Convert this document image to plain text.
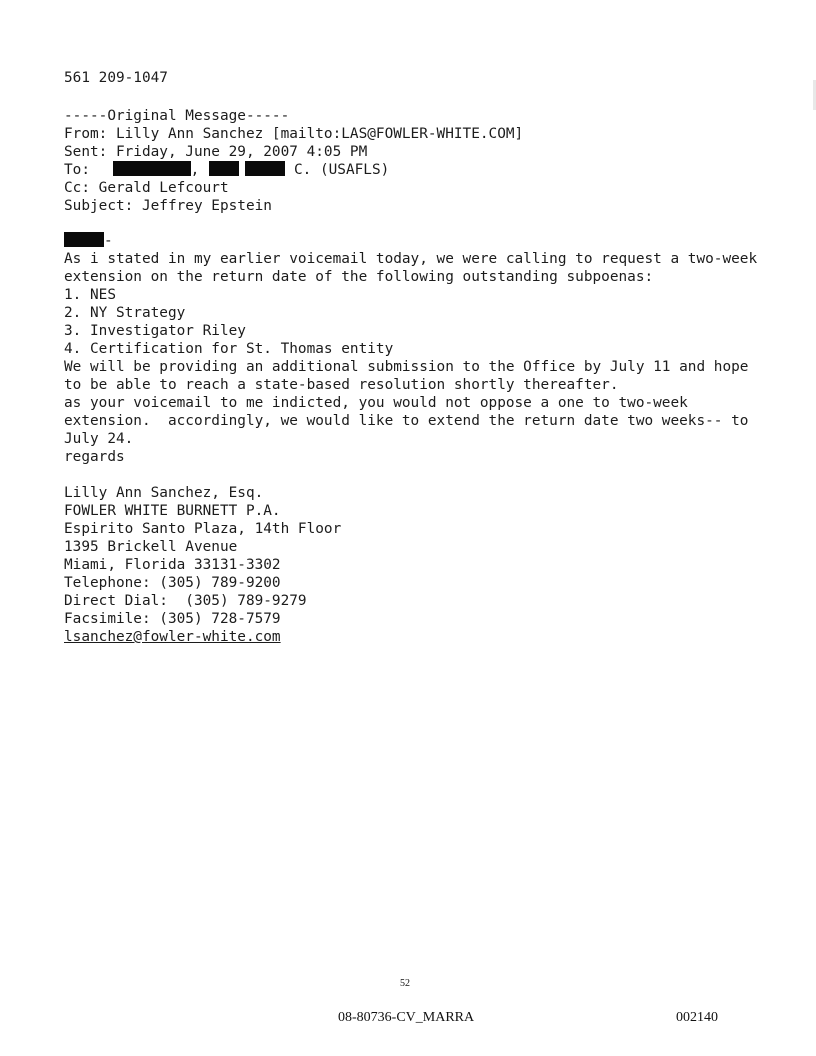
561 209-1047
-----Original Message-----
From: Lilly Ann Sanchez [mailto:LAS@FOWLER-WHITE.COM]
Sent: Friday, June 29, 2007 4:05 PM
To:	,	C. (USAFLS)
Cc: Gerald Lefcourt
Subject: Jeffrey Epstein
-
As i stated in my earlier voicemail today, we were calling to request a two-week
extension on the return date of the following outstanding subpoenas:
1. NES
2. NY Strategy
3. Investigator Riley
4. Certification for St. Thomas entity
We will be providing an additional submission to the Office by July 11 and hope
to be able to reach a state-based resolution shortly thereafter.
as your voicemail to me indicted, you would not oppose a one to two-week
extension.  accordingly, we would like to extend the return date two weeks-- to
July 24.
regards
Lilly Ann Sanchez, Esq.
FOWLER WHITE BURNETT P.A.
Espirito Santo Plaza, 14th Floor
1395 Brickell Avenue
Miami, Florida 33131-3302
Telephone: (305) 789-9200
Direct Dial:  (305) 789-9279
Facsimile: (305) 728-7579
lsanchez@fowler-white.com
52
08-80736-CV_MARRA	002140
